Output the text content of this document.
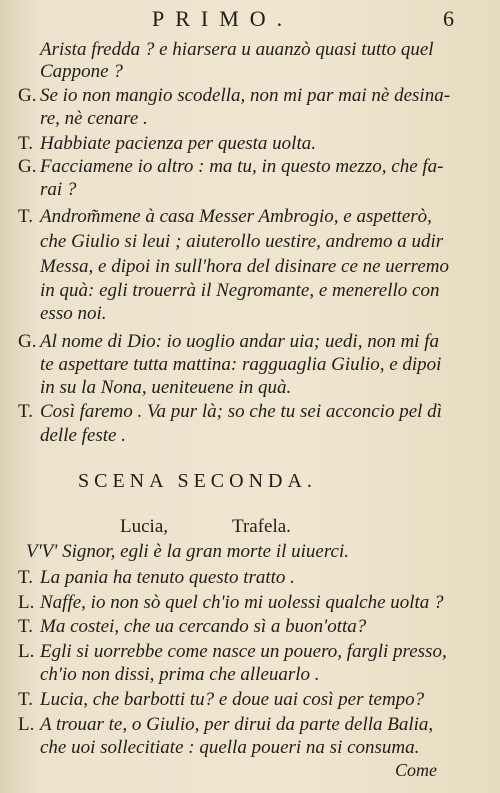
PRIMO.	6
Arista fredda ? e hiarsera u auanzò quasi tutto quel
Cappone ?
G. Se io non mangio scodella, non mi par mai nè desina-
re, nè cenare .
T. Habbiate pacienza per questa uolta.
G. Facciamene io altro : ma tu, in questo mezzo, che fa-
rai ?
T. Androm̃mene à casa Messer Ambrogio, e aspetterò,
che Giulio si leui ; aiuterollo uestire, andremo a udir
Messa, e dipoi in sull'hora del disinare ce ne uerremo
in quà: egli trouerrà il Negromante, e menerello con
esso noi.
G. Al nome di Dio: io uoglio andar uia; uedi, non mi fa
te aspettare tutta mattina: ragguaglia Giulio, e dipoi
in su la Nona, ueniteuene in quà.
T. Così faremo . Va pur là; so che tu sei acconcio pel dì
delle feste .
SCENA SECONDA.
Lucia,	Trafela.
V'V' Signor, egli è la gran morte il uiuerci.
T. La pania ha tenuto questo tratto .
L. Naffe, io non sò quel ch'io mi uolessi qualche uolta ?
T. Ma costei, che ua cercando sì a buon'otta?
L. Egli si uorrebbe come nasce un pouero, fargli presso,
ch'io non dissi, prima che alleuarlo .
T. Lucia, che barbotti tu? e doue uai così per tempo?
L. A trouar te, o Giulio, per dirui da parte della Balia,
che uoi sollecitiate : quella poueri na si consuma.
Come
